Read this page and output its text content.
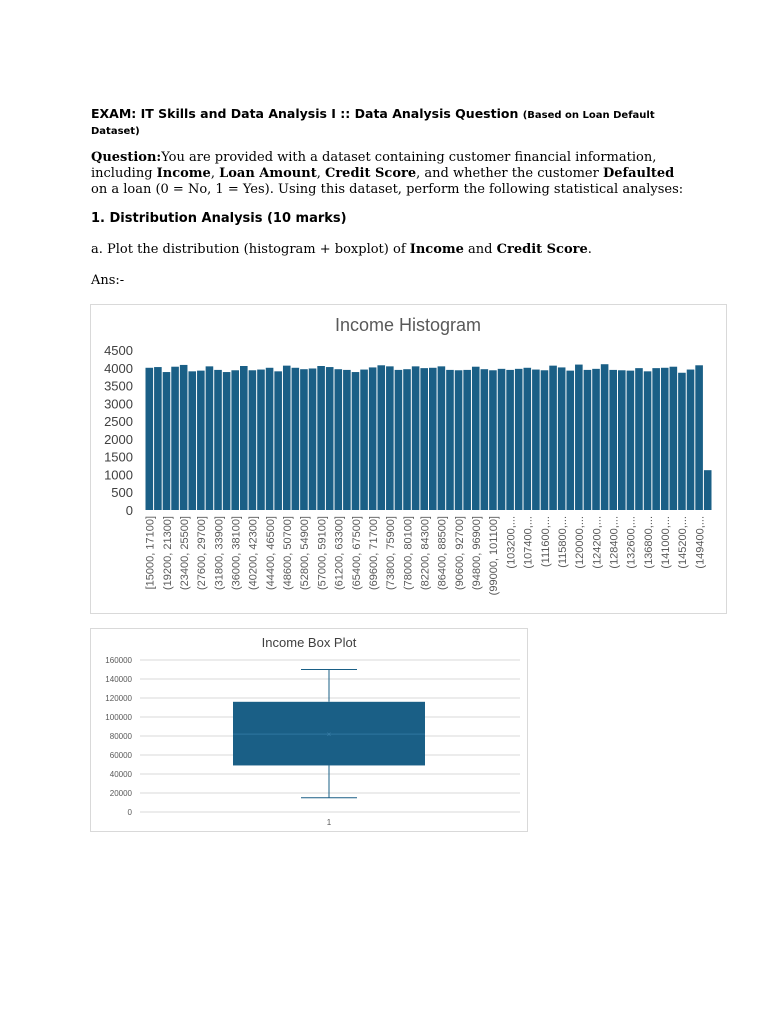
EXAM: IT Skills and Data Analysis I :: Data Analysis Question (Based on Loan Default Dataset)
Question:You are provided with a dataset containing customer financial information, including Income, Loan Amount, Credit Score, and whether the customer Defaulted on a loan (0 = No, 1 = Yes). Using this dataset, perform the following statistical analyses:
1. Distribution Analysis (10 marks)
a. Plot the distribution (histogram + boxplot) of Income and Credit Score.
Ans:-
Income Histogram
0
500
1000
1500
2000
2500
3000
3500
4000
4500
[15000, 17100] (19200, 21300] (23400, 25500] (27600, 29700] (31800, 33900] (36000, 38100] (40200, 42300] (44400, 46500] (48600, 50700] (52800, 54900] (57000, 59100] (61200, 63300] (65400, 67500] (69600, 71700] (73800, 75900] (78000, 80100] (82200, 84300] (86400, 88500] (90600, 92700] (94800, 96900] (99000, 101100] (103200,... (107400,... (111600,... (115800,... (120000,... (124200,... (128400,... (132600,... (136800,... (141000,... (145200,... (149400,...
Income Box Plot
0
20000
40000
60000
80000
100000
120000
140000
160000
×
1
